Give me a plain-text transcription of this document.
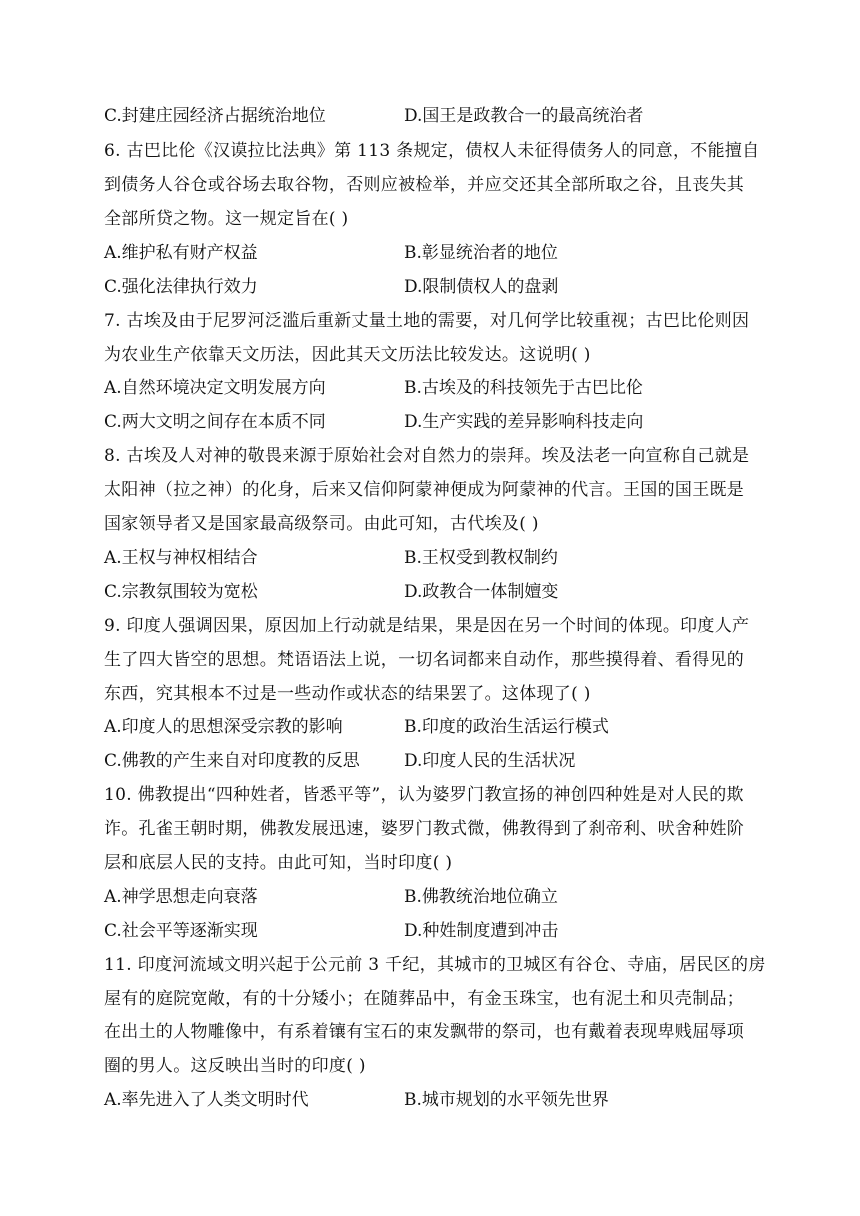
C.封建庄园经济占据统治地位	D.国王是政教合一的最高统治者
6. 古巴比伦《汉谟拉比法典》第 113 条规定，债权人未征得债务人的同意，不能擅自
到债务人谷仓或谷场去取谷物，否则应被检举，并应交还其全部所取之谷，且丧失其
全部所贷之物。这一规定旨在( )
A.维护私有财产权益	B.彰显统治者的地位
C.强化法律执行效力	D.限制债权人的盘剥
7. 古埃及由于尼罗河泛滥后重新丈量土地的需要，对几何学比较重视；古巴比伦则因
为农业生产依靠天文历法，因此其天文历法比较发达。这说明( )
A.自然环境决定文明发展方向	B.古埃及的科技领先于古巴比伦
C.两大文明之间存在本质不同	D.生产实践的差异影响科技走向
8. 古埃及人对神的敬畏来源于原始社会对自然力的崇拜。埃及法老一向宣称自己就是
太阳神（拉之神）的化身，后来又信仰阿蒙神便成为阿蒙神的代言。王国的国王既是
国家领导者又是国家最高级祭司。由此可知，古代埃及( )
A.王权与神权相结合	B.王权受到教权制约
C.宗教氛围较为宽松	D.政教合一体制嬗变
9. 印度人强调因果，原因加上行动就是结果，果是因在另一个时间的体现。印度人产
生了四大皆空的思想。梵语语法上说，一切名词都来自动作，那些摸得着、看得见的
东西，究其根本不过是一些动作或状态的结果罢了。这体现了( )
A.印度人的思想深受宗教的影响	B.印度的政治生活运行模式
C.佛教的产生来自对印度教的反思	D.印度人民的生活状况
10. 佛教提出“四种姓者，皆悉平等”，认为婆罗门教宣扬的神创四种姓是对人民的欺
诈。孔雀王朝时期，佛教发展迅速，婆罗门教式微，佛教得到了刹帝利、吠舍种姓阶
层和底层人民的支持。由此可知，当时印度( )
A.神学思想走向衰落	B.佛教统治地位确立
C.社会平等逐渐实现	D.种姓制度遭到冲击
11. 印度河流域文明兴起于公元前 3 千纪，其城市的卫城区有谷仓、寺庙，居民区的房
屋有的庭院宽敞，有的十分矮小；在随葬品中，有金玉珠宝，也有泥土和贝壳制品；
在出土的人物雕像中，有系着镶有宝石的束发飘带的祭司，也有戴着表现卑贱屈辱项
圈的男人。这反映出当时的印度( )
A.率先进入了人类文明时代	B.城市规划的水平领先世界
